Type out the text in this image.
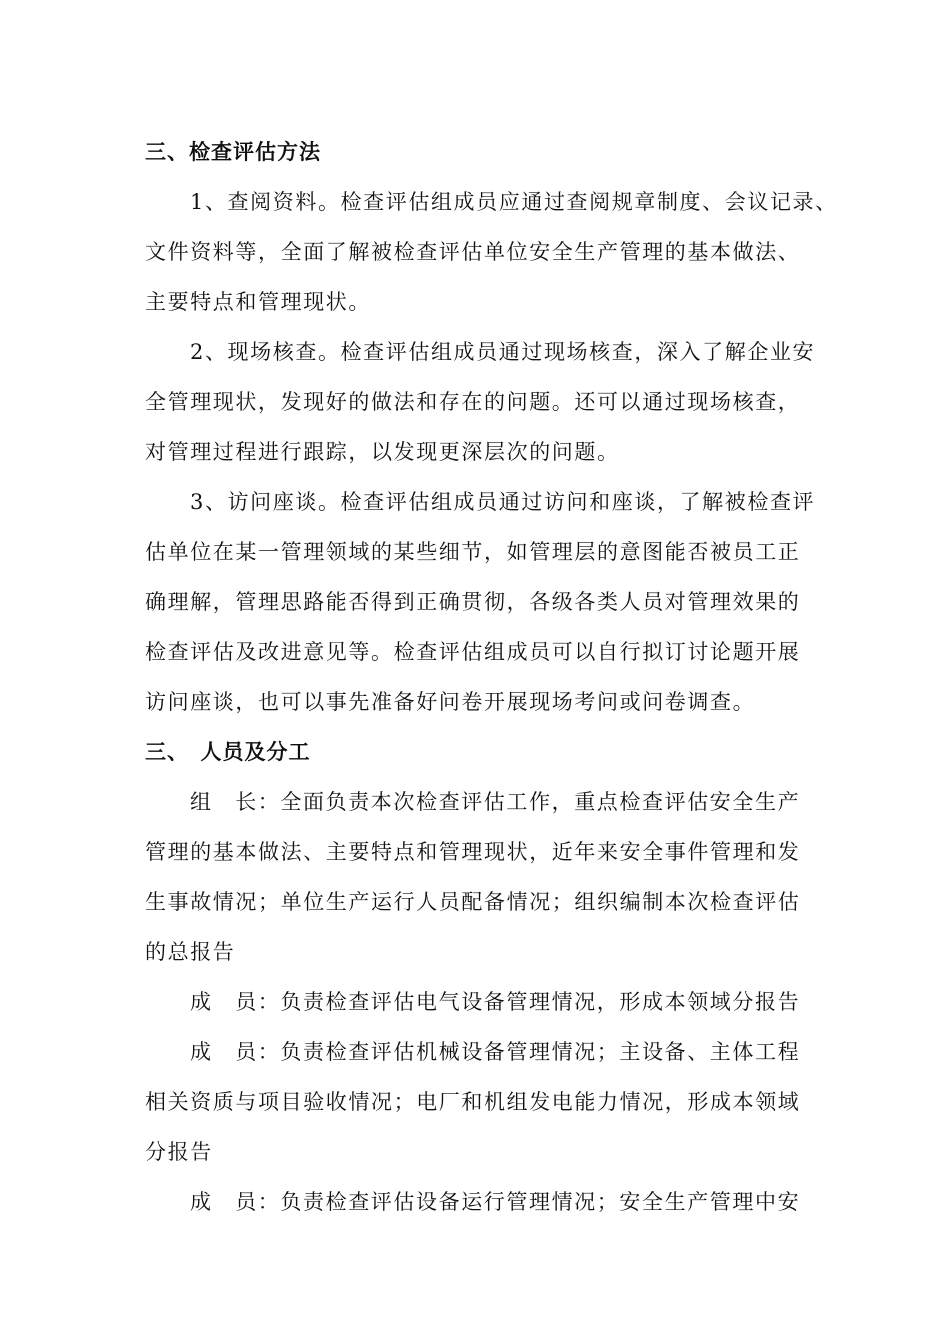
三、检查评估方法
1、查阅资料。检查评估组成员应通过查阅规章制度、会议记录、
文件资料等，全面了解被检查评估单位安全生产管理的基本做法、
主要特点和管理现状。
2、现场核查。检查评估组成员通过现场核查，深入了解企业安
全管理现状，发现好的做法和存在的问题。还可以通过现场核查，
对管理过程进行跟踪，以发现更深层次的问题。
3、访问座谈。检查评估组成员通过访问和座谈，了解被检查评
估单位在某一管理领域的某些细节，如管理层的意图能否被员工正
确理解，管理思路能否得到正确贯彻，各级各类人员对管理效果的
检查评估及改进意见等。检查评估组成员可以自行拟订讨论题开展
访问座谈，也可以事先准备好问卷开展现场考问或问卷调查。
三、　人员及分工
组　长：全面负责本次检查评估工作，重点检查评估安全生产
管理的基本做法、主要特点和管理现状，近年来安全事件管理和发
生事故情况；单位生产运行人员配备情况；组织编制本次检查评估
的总报告
成　员：负责检查评估电气设备管理情况，形成本领域分报告
成　员：负责检查评估机械设备管理情况；主设备、主体工程
相关资质与项目验收情况；电厂和机组发电能力情况，形成本领域
分报告
成　员：负责检查评估设备运行管理情况；安全生产管理中安
